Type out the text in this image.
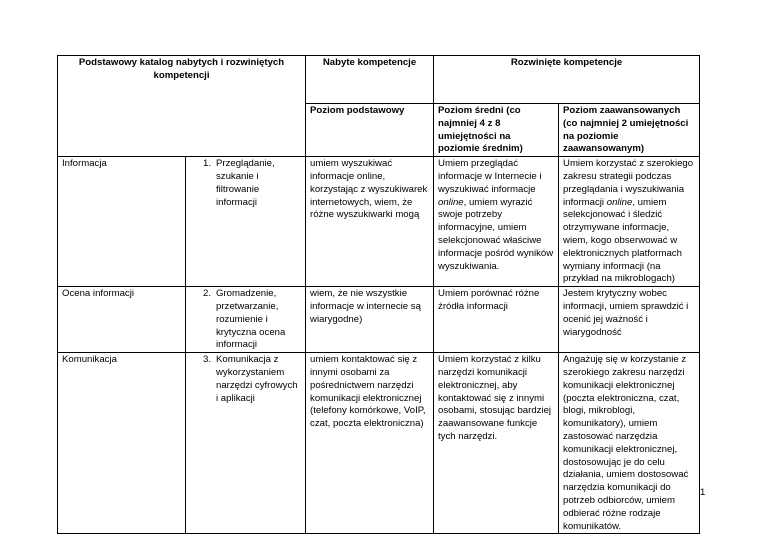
Podstawowy katalog nabytych i rozwiniętych kompetencji		Nabyte kompetencje	Rozwinięte kompetencje	
		Poziom podstawowy	Poziom średni (co najmniej 4 z 8 umiejętności na poziomie średnim)	Poziom zaawansowanych (co najmniej 2 umiejętności na poziomie zaawansowanym)
Informacja	1. Przeglądanie, szukanie i filtrowanie informacji	umiem wyszukiwać informacje online, korzystając z wyszukiwarek internetowych, wiem, że różne wyszukiwarki mogą	Umiem przeglądać informacje w Internecie i wyszukiwać informacje online, umiem wyrazić swoje potrzeby informacyjne, umiem selekcjonować właściwe informacje pośród wyników wyszukiwania.	Umiem korzystać z szerokiego zakresu strategii podczas przeglądania i wyszukiwania informacji online, umiem selekcjonować i śledzić otrzymywane informacje, wiem, kogo obserwować w elektronicznych platformach wymiany informacji (na przykład na mikroblogach)
Ocena informacji	2. Gromadzenie, przetwarzanie, rozumienie i krytyczna ocena informacji	wiem, że nie wszystkie informacje w internecie są wiarygodne)	Umiem porównać różne źródła informacji	Jestem krytyczny wobec informacji, umiem sprawdzić i ocenić jej ważność i wiarygodność
Komunikacja	3. Komunikacja z wykorzystaniem narzędzi cyfrowych i aplikacji	umiem kontaktować się z innymi osobami za pośrednictwem narzędzi komunikacji elektronicznej (telefony komórkowe, VoIP, czat, poczta elektroniczna)	Umiem korzystać z kilku narzędzi komunikacji elektronicznej, aby kontaktować się z innymi osobami, stosując bardziej zaawansowane funkcje tych narzędzi.	Angażuję się w korzystanie z szerokiego zakresu narzędzi komunikacji elektronicznej (poczta elektroniczna, czat, blogi, mikroblogi, komunikatory), umiem zastosować narzędzia komunikacji elektronicznej, dostosowując je do celu działania, umiem dostosować narzędzia komunikacji do potrzeb odbiorców, umiem odbierać różne rodzaje komunikatów.
1
